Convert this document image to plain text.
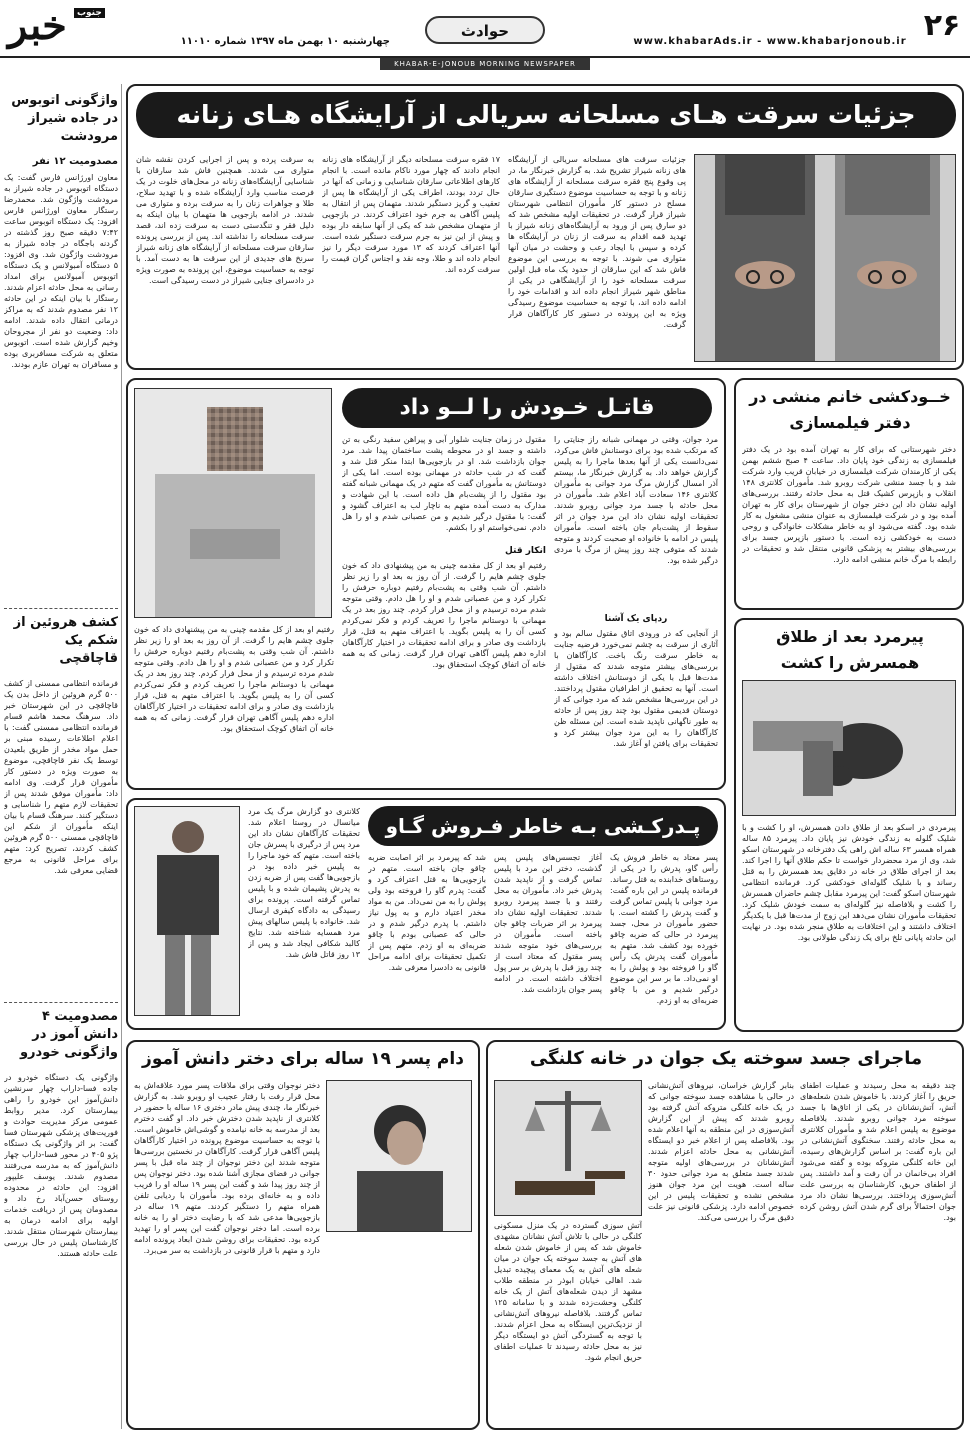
۲۶
www.khabarAds.ir - www.khabarjonoub.ir
حوادث
چهارشنبه ۱۰ بهمن ماه ۱۳۹۷ شماره ۱۱۰۱۰
خبر	جنوب
KHABAR-E-JONOUB MORNING NEWSPAPER
واژگونی اتوبوس در جاده شیراز مرودشت
مصدومیت ۱۲ نفر
معاون اورژانس فارس گفت: یک دستگاه اتوبوس در جاده شیراز به مرودشت واژگون شد. محمدرضا رستگار معاون اورژانس فارس افزود: یک دستگاه اتوبوس ساعت ۷:۴۲ دقیقه صبح روز گذشته در گردنه باجگاه در جاده شیراز به مرودشت واژگون شد. وی افزود: ۵ دستگاه آمبولانس و یک دستگاه اتوبوس آمبولانس برای امداد رسانی به محل حادثه اعزام شدند. رستگار با بیان اینکه در این حادثه ۱۲ نفر مصدوم شدند که به مراکز درمانی انتقال داده شدند. ادامه داد: وضعیت دو نفر از مجروحان وخیم گزارش شده است. اتوبوس متعلق به شرکت مسافربری بوده و مسافران به تهران عازم بودند.
کشف هروئین از شکم یک قاچاقچی
فرمانده انتظامی ممسنی از کشف ۵۰۰ گرم هروئین از داخل بدن یک قاچاقچی در این شهرستان خبر داد. سرهنگ محمد هاشم قسام فرمانده انتظامی ممسنی گفت: با اعلام اطلاعات رسیده مبنی بر حمل مواد مخدر از طریق بلعیدن توسط یک نفر قاچاقچی، موضوع به صورت ویژه در دستور کار مأموران قرار گرفت. وی ادامه داد: مأموران موفق شدند پس از تحقیقات لازم متهم را شناسایی و دستگیر کنند. سرهنگ قسام با بیان اینکه مأموران از شکم این قاچاقچی ممسنی ۵۰۰ گرم هروئین کشف کردند، تصریح کرد: متهم برای مراحل قانونی به مرجع قضایی معرفی شد.
مصدومیت ۴ دانش آموز در واژگونی خودرو
واژگونی یک دستگاه خودرو در جاده فسا-داراب چهار سرنشین دانش‌آموز این خودرو را راهی بیمارستان کرد. مدیر روابط عمومی مرکز مدیریت حوادث و فوریت‌های پزشکی شهرستان فسا گفت: بر اثر واژگونی یک دستگاه پژو ۴۰۵ در محور فسا-داراب چهار دانش‌آموز که به مدرسه می‌رفتند مصدوم شدند. یوسف علیپور افزود: این حادثه در محدوده روستای حسن‌آباد رخ داد و مصدومان پس از دریافت خدمات اولیه برای ادامه درمان به بیمارستان شهرستان منتقل شدند. کارشناسان پلیس در حال بررسی علت حادثه هستند.
جزئیات سرقت هـای مسلحانه سریالی از آرایشگاه هـای زنانه
جزئیات سرقت های مسلحانه سریالی از آرایشگاه های زنانه شیراز تشریح شد. به گزارش خبرنگار ما، در پی وقوع پنج فقره سرقت مسلحانه از آرایشگاه های زنانه و با توجه به حساسیت موضوع دستگیری سارقان مسلح در دستور کار مأموران انتظامی شهرستان شیراز قرار گرفت. در تحقیقات اولیه مشخص شد که دو سارق پس از ورود به آرایشگاه‌های زنانه شیراز با تهدید قمه اقدام به سرقت از زنان در آرایشگاه ها کرده و سپس با ایجاد رعب و وحشت در میان آنها متواری می شوند. با توجه به بررسی این موضوع فاش شد که این سارقان از حدود یک ماه قبل اولین سرقت مسلحانه خود را از آرایشگاهی در یکی از مناطق شهر شیراز انجام داده اند و اقدامات خود را ادامه داده اند، با توجه به حساسیت موضوع رسیدگی ویژه به این پرونده در دستور کار کارآگاهان قرار گرفت.
۱۷ فقره سرقت مسلحانه دیگر از آرایشگاه های زنانه انجام دادند که چهار مورد ناکام مانده است. با انجام کارهای اطلاعاتی سارقان شناسایی و زمانی که آنها در حال تردد بودند، اطراف یکی از آرایشگاه ها پس از تعقیب و گریز دستگیر شدند. متهمان پس از انتقال به پلیس آگاهی به جرم خود اعتراف کردند. در بازجویی از متهمان مشخص شد که یکی از آنها سابقه دار بوده و پیش از این نیز به جرم سرقت دستگیر شده است. آنها اعتراف کردند که ۱۳ مورد سرقت دیگر را نیز انجام داده اند و طلا، وجه نقد و اجناس گران قیمت را سرقت کرده اند.
به سرقت پرده و پس از اجرایی کردن نقشه شان متواری می شدند. همچنین فاش شد سارقان با شناسایی آرایشگاه‌های زنانه در محل‌های خلوت در یک فرصت مناسب وارد آرایشگاه شده و با تهدید سلاح، طلا و جواهرات زنان را به سرقت برده و متواری می شدند. در ادامه بازجویی ها متهمان با بیان اینکه به دلیل فقر و تنگدستی دست به سرقت زده اند، قصد سرقت مسلحانه را نداشته اند. پس از بررسی پرونده سارقان سرقت مسلحانه از آرایشگاه های زنانه شیراز سرنخ های جدیدی از این سرقت ها به دست آمد. با توجه به حساسیت موضوع، این پرونده به صورت ویژه در دادسرای جنایی شیراز در دست رسیدگی است.
قاتـل خـودش را لــو داد
مرد جوان، وقتی در مهمانی شبانه راز جنایتی را که مرتکب شده بود برای دوستانش فاش می‌کرد، نمی‌دانست یکی از آنها بعدها ماجرا را به پلیس گزارش خواهد داد. به گزارش خبرنگار ما، بیستم آذر امسال گزارش مرگ مرد جوانی به مأموران کلانتری ۱۴۶ سعادت آباد اعلام شد. مأموران در محل حادثه با جسد مرد جوانی روبرو شدند. تحقیقات اولیه نشان داد این مرد جوان در اثر سقوط از پشت‌بام جان باخته است. مأموران پلیس در ادامه با خانواده او صحبت کردند و متوجه شدند که متوفی چند روز پیش از مرگ با مردی درگیر شده بود.
ردپای یک آشنا
از آنجایی که در ورودی اتاق مقتول سالم بود و آثاری از سرقت به چشم نمی‌خورد فرضیه جنایت به خاطر سرقت رنگ باخت. کارآگاهان با بررسی‌های بیشتر متوجه شدند که مقتول از مدت‌ها قبل با یکی از دوستانش اختلاف داشته است. آنها به تحقیق از اطرافیان مقتول پرداختند. در این بررسی‌ها مشخص شد که مرد جوانی که از دوستان قدیمی مقتول بود چند روز پس از حادثه به طور ناگهانی ناپدید شده است. این مسئله ظن کارآگاهان را به این مرد جوان بیشتر کرد و تحقیقات برای یافتن او آغاز شد.
مقتول در زمان جنایت شلوار آبی و پیراهن سفید رنگی به تن داشته و جسد او در محوطه پشت ساختمان پیدا شد. مرد جوان بازداشت شد. او در بازجویی‌ها ابتدا منکر قتل شد و گفت که در شب حادثه در مهمانی بوده است. اما یکی از دوستانش به مأموران گفت که متهم در یک مهمانی شبانه گفته بود مقتول را از پشت‌بام هل داده است. با این شهادت و مدارک به دست آمده متهم به ناچار لب به اعتراف گشود و گفت: با مقتول درگیر شدیم و من عصبانی شدم و او را هل دادم. نمی‌خواستم او را بکشم.
انکار قتل
رفتیم او بعد از کل مقدمه چینی به من پیشنهادی داد که خون جلوی چشم هایم را گرفت. از آن روز به بعد او را زیر نظر داشتم. آن شب وقتی به پشت‌بام رفتیم دوباره حرفش را تکرار کرد و من عصبانی شدم و او را هل دادم. وقتی متوجه شدم مرده ترسیدم و از محل فرار کردم. چند روز بعد در یک مهمانی با دوستانم ماجرا را تعریف کردم و فکر نمی‌کردم کسی آن را به پلیس بگوید. با اعتراف متهم به قتل، قرار بازداشت وی صادر و برای ادامه تحقیقات در اختیار کارآگاهان اداره دهم پلیس آگاهی تهران قرار گرفت. زمانی که به همه خانه آن اتفاق کوچک استحقاق بود.
رفتیم او بعد از کل مقدمه چینی به من پیشنهادی داد که خون جلوی چشم هایم را گرفت. از آن روز به بعد او را زیر نظر داشتم. آن شب وقتی به پشت‌بام رفتیم دوباره حرفش را تکرار کرد و من عصبانی شدم و او را هل دادم. وقتی متوجه شدم مرده ترسیدم و از محل فرار کردم. چند روز بعد در یک مهمانی با دوستانم ماجرا را تعریف کردم و فکر نمی‌کردم کسی آن را به پلیس بگوید. با اعتراف متهم به قتل، قرار بازداشت وی صادر و برای ادامه تحقیقات در اختیار کارآگاهان اداره دهم پلیس آگاهی تهران قرار گرفت. زمانی که به همه خانه آن اتفاق کوچک استحقاق بود.
خــودکشی خانم منشی در دفتر فیلمسازی
دختر شهرستانی که برای کار به تهران آمده بود در یک دفتر فیلمسازی به زندگی خود پایان داد. ساعت ۴ صبح ششم بهمن یکی از کارمندان شرکت فیلمسازی در خیابان قریب وارد شرکت شد و با جسد منشی شرکت روبرو شد. مأموران کلانتری ۱۴۸ انقلاب و بازپرس کشیک قتل به محل حادثه رفتند. بررسی‌های اولیه نشان داد این دختر جوان از شهرستان برای کار به تهران آمده بود و در شرکت فیلمسازی به عنوان منشی مشغول به کار شده بود. گفته می‌شود او به خاطر مشکلات خانوادگی و روحی دست به خودکشی زده است. با دستور بازپرس جسد برای بررسی‌های بیشتر به پزشکی قانونی منتقل شد و تحقیقات در رابطه با مرگ خانم منشی ادامه دارد.
پیرمرد بعد از طلاق همسرش را کشت
پیرمردی در اسکو بعد از طلاق دادن همسرش، او را کشت و با شلیک گلوله به زندگی خودش نیز پایان داد. پیرمرد ۸۵ ساله همراه همسر ۶۳ ساله اش راهی یک دفترخانه در شهرستان اسکو شد، وی از مرد محضردار خواست تا حکم طلاق آنها را اجرا کند. بعد از اجرای طلاق در خانه در دقایق بعد همسرش را به قتل رساند و با شلیک گلوله‌ای خودکشی کرد. فرمانده انتظامی شهرستان اسکو گفت: این پیرمرد مقابل چشم حاضران همسرش را کشت و بلافاصله نیز گلوله‌ای به سمت خودش شلیک کرد. تحقیقات مأموران نشان می‌دهد این زوج از مدت‌ها قبل با یکدیگر اختلاف داشتند و این اختلافات به طلاق منجر شده بود. در نهایت این حادثه پایانی تلخ برای یک زندگی طولانی بود.
پـدرکـشی بـه خاطر فـروش گـاو
پسر معتاد به خاطر فروش یک رأس گاو، پدرش را در یکی از روستاهای خدابنده به قتل رساند. فرمانده پلیس در این باره گفت: مرد جوانی با پلیس تماس گرفت و گفت پدرش را کشته است. با حضور مأموران در محل، جسد پیرمرد در حالی که ضربه چاقو خورده بود کشف شد. متهم به مأموران گفت پدرش یک رأس گاو را فروخته بود و پولش را به او نمی‌داد. ما بر سر این موضوع درگیر شدیم و من با چاقو ضربه‌ای به او زدم.
آغاز تجسس‌های پلیس پس گذشت، دختر این مرد با پلیس تماس گرفت و از ناپدید شدن پدرش خبر داد. مأموران به محل رفتند و با جسد پیرمرد روبرو شدند. تحقیقات اولیه نشان داد پیرمرد بر اثر ضربات چاقو جان باخته است. مأموران در بررسی‌های خود متوجه شدند پسر مقتول که معتاد است از چند روز قبل با پدرش بر سر پول اختلاف داشته است. در ادامه پسر جوان بازداشت شد.
شد که پیرمرد بر اثر اصابت ضربه چاقو جان باخته است. متهم در بازجویی‌ها به قتل اعتراف کرد و گفت: پدرم گاو را فروخته بود ولی پولش را به من نمی‌داد. من به مواد مخدر اعتیاد دارم و به پول نیاز داشتم. با پدرم درگیر شدم و در حالی که عصبانی بودم با چاقو ضربه‌ای به او زدم. متهم پس از تکمیل تحقیقات برای ادامه مراحل قانونی به دادسرا معرفی شد.
کلانتری دو گزارش مرگ یک مرد میانسال در روستا اعلام شد. تحقیقات کارآگاهان نشان داد این مرد پس از درگیری با پسرش جان باخته است. متهم که خود ماجرا را به پلیس خبر داده بود در بازجویی‌ها گفت پس از ضربه زدن به پدرش پشیمان شده و با پلیس تماس گرفته است. پرونده برای رسیدگی به دادگاه کیفری ارسال شد. خانواده با پلیس سالهای پیش مرد همسایه شناخته شد. نتایج کالبد شکافی ایجاد شد و پس از ۱۳ روز قاتل فاش شد.
ماجرای جسد سوخته یک جوان در خانه کلنگی
چند دقیقه به محل رسیدند و عملیات اطفای حریق را آغاز کردند. با خاموش شدن شعله‌های آتش، آتش‌نشانان در یکی از اتاق‌ها با جسد سوخته مرد جوانی روبرو شدند. بلافاصله موضوع به پلیس اعلام شد و مأموران کلانتری به محل حادثه رفتند. سخنگوی آتش‌نشانی در این باره گفت: بر اساس گزارش‌های رسیده، این خانه کلنگی متروکه بوده و گفته می‌شود افراد بی‌خانمان در آن رفت و آمد داشتند. پس از اطفای حریق، کارشناسان به بررسی علت آتش‌سوزی پرداختند. بررسی‌ها نشان داد مرد جوان احتمالاً برای گرم شدن آتش روشن کرده بود.
بنابر گزارش خراسان، نیروهای آتش‌نشانی در حالی با مشاهده جسد سوخته جوانی که در یک خانه کلنگی متروکه آتش گرفته بود روبرو شدند که پیش از این گزارش آتش‌سوزی در این منطقه به آنها اعلام شده بود. بلافاصله پس از اعلام خبر دو ایستگاه آتش‌نشانی به محل حادثه اعزام شدند. آتش‌نشانان در بررسی‌های اولیه متوجه شدند جسد متعلق به مرد جوانی حدود ۳۰ ساله است. هویت این مرد جوان هنوز مشخص نشده و تحقیقات پلیس در این خصوص ادامه دارد. پزشکی قانونی نیز علت دقیق مرگ را بررسی می‌کند.
آتش سوزی گسترده در یک منزل مسکونی کلنگی در حالی با تلاش آتش نشانان مشهدی خاموش شد که پس از خاموش شدن شعله های آتش به جسد سوخته یک جوان در میان شعله های آتش به یک معمای پیچیده تبدیل شد. اهالی خیابان ابوذر در منطقه طلاب مشهد از دیدن شعله‌های آتش از یک خانه کلنگی وحشت‌زده شدند و با سامانه ۱۲۵ تماس گرفتند. بلافاصله نیروهای آتش‌نشانی از نزدیک‌ترین ایستگاه به محل اعزام شدند. با توجه به گستردگی آتش دو ایستگاه دیگر نیز به محل حادثه رسیدند تا عملیات اطفای حریق انجام شود.
دام پسر ۱۹ ساله برای دختر دانش آموز
دختر نوجوان وقتی برای ملاقات پسر مورد علاقه‌اش به محل قرار رفت با رفتار عجیب او روبرو شد. به گزارش خبرنگار ما، چندی پیش مادر دختری ۱۶ ساله با حضور در کلانتری از ناپدید شدن دخترش خبر داد. او گفت دخترم بعد از مدرسه به خانه نیامده و گوشی‌اش خاموش است. با توجه به حساسیت موضوع پرونده در اختیار کارآگاهان پلیس آگاهی قرار گرفت. کارآگاهان در نخستین بررسی‌ها متوجه شدند این دختر نوجوان از چند ماه قبل با پسر جوانی در فضای مجازی آشنا شده بود. دختر نوجوان پس از چند روز پیدا شد و گفت این پسر ۱۹ ساله او را فریب داده و به خانه‌ای برده بود. مأموران با ردیابی تلفن همراه متهم را دستگیر کردند. متهم ۱۹ ساله در بازجویی‌ها مدعی شد که با رضایت دختر او را به خانه برده است. اما دختر نوجوان گفت این پسر او را تهدید کرده بود. تحقیقات برای روشن شدن ابعاد پرونده ادامه دارد و متهم با قرار قانونی در بازداشت به سر می‌برد.
